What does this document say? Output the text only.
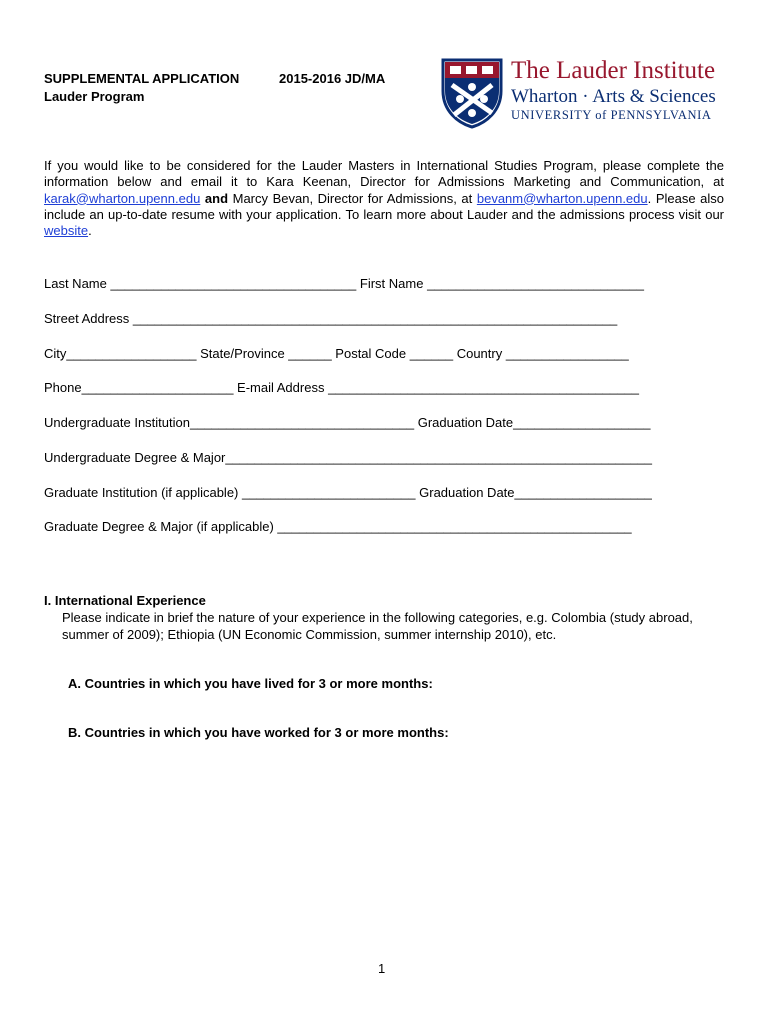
SUPPLEMENTAL APPLICATION	2015-2016 JD/MA
Lauder Program
The Lauder Institute
Wharton · Arts & Sciences
UNIVERSITY of PENNSYLVANIA
If you would like to be considered for the Lauder Masters in International Studies Program, please complete the information below and email it to Kara Keenan, Director for Admissions Marketing and Communication, at karak@wharton.upenn.edu and Marcy Bevan, Director for Admissions, at bevanm@wharton.upenn.edu. Please also include an up-to-date resume with your application. To learn more about Lauder and the admissions process visit our website.
Last Name __________________________________ First Name ______________________________
Street Address ___________________________________________________________________
City__________________ State/Province ______ Postal Code ______ Country _________________
Phone_____________________ E-mail Address ___________________________________________
Undergraduate Institution_______________________________ Graduation Date___________________
Undergraduate Degree & Major___________________________________________________________
Graduate Institution (if applicable) ________________________ Graduation Date___________________
Graduate Degree & Major (if applicable) _________________________________________________
I. International Experience
Please indicate in brief the nature of your experience in the following categories, e.g. Colombia (study abroad, summer of 2009); Ethiopia (UN Economic Commission, summer internship 2010), etc.
A. Countries in which you have lived for 3 or more months:
B. Countries in which you have worked for 3 or more months:
1
